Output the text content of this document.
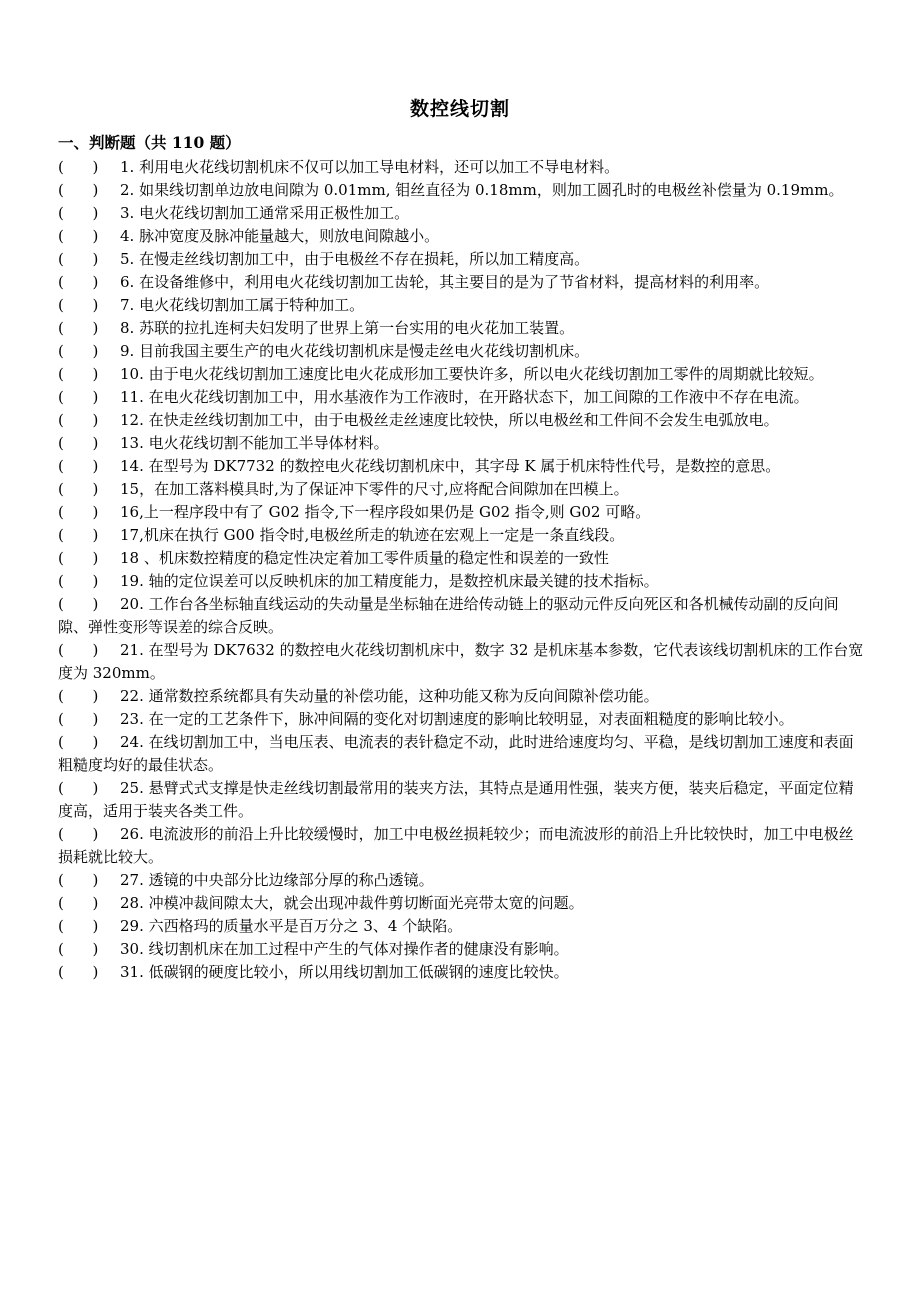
数控线切割
一、判断题（共 110 题）

(      ) 1. 利用电火花线切割机床不仅可以加工导电材料，还可以加工不导电材料。

(      ) 2. 如果线切割单边放电间隙为 0.01mm, 钼丝直径为 0.18mm，则加工圆孔时的电极丝补偿量为 0.19mm。

(      ) 3. 电火花线切割加工通常采用正极性加工。

(      ) 4. 脉冲宽度及脉冲能量越大，则放电间隙越小。

(      ) 5. 在慢走丝线切割加工中，由于电极丝不存在损耗，所以加工精度高。

(      ) 6. 在设备维修中，利用电火花线切割加工齿轮，其主要目的是为了节省材料，提高材料的利用率。

(      ) 7. 电火花线切割加工属于特种加工。

(      ) 8. 苏联的拉扎连柯夫妇发明了世界上第一台实用的电火花加工装置。

(      ) 9. 目前我国主要生产的电火花线切割机床是慢走丝电火花线切割机床。

(      ) 10. 由于电火花线切割加工速度比电火花成形加工要快许多，所以电火花线切割加工零件的周期就比较短。

(      ) 11. 在电火花线切割加工中，用水基液作为工作液时，在开路状态下，加工间隙的工作液中不存在电流。

(      ) 12. 在快走丝线切割加工中，由于电极丝走丝速度比较快，所以电极丝和工件间不会发生电弧放电。

(      ) 13. 电火花线切割不能加工半导体材料。

(      ) 14. 在型号为 DK7732 的数控电火花线切割机床中，其字母 K 属于机床特性代号，是数控的意思。

(      ) 15，在加工落料模具时,为了保证冲下零件的尺寸,应将配合间隙加在凹模上。

(      ) 16,上一程序段中有了 G02 指令,下一程序段如果仍是 G02 指令,则 G02 可略。

(      ) 17,机床在执行 G00 指令时,电极丝所走的轨迹在宏观上一定是一条直线段。

(      ) 18 、机床数控精度的稳定性决定着加工零件质量的稳定性和误差的一致性

(      ) 19. 轴的定位误差可以反映机床的加工精度能力，是数控机床最关键的技术指标。

(      ) 20. 工作台各坐标轴直线运动的失动量是坐标轴在进给传动链上的驱动元件反向死区和各机械传动副的反向间隙、弹性变形等误差的综合反映。

(      ) 21. 在型号为 DK7632 的数控电火花线切割机床中，数字 32 是机床基本参数，它代表该线切割机床的工作台宽度为 320mm。

(      ) 22. 通常数控系统都具有失动量的补偿功能，这种功能又称为反向间隙补偿功能。

(      ) 23. 在一定的工艺条件下，脉冲间隔的变化对切割速度的影响比较明显，对表面粗糙度的影响比较小。

(      ) 24. 在线切割加工中，当电压表、电流表的表针稳定不动，此时进给速度均匀、平稳，是线切割加工速度和表面粗糙度均好的最佳状态。

(      ) 25. 悬臂式式支撑是快走丝线切割最常用的装夹方法，其特点是通用性强，装夹方便，装夹后稳定，平面定位精度高，适用于装夹各类工件。

(      ) 26. 电流波形的前沿上升比较缓慢时，加工中电极丝损耗较少；而电流波形的前沿上升比较快时，加工中电极丝损耗就比较大。

(      ) 27. 透镜的中央部分比边缘部分厚的称凸透镜。

(      ) 28. 冲模冲裁间隙太大，就会出现冲裁件剪切断面光亮带太宽的问题。

(      ) 29. 六西格玛的质量水平是百万分之 3、4 个缺陷。

(      ) 30. 线切割机床在加工过程中产生的气体对操作者的健康没有影响。

(      ) 31. 低碳钢的硬度比较小，所以用线切割加工低碳钢的速度比较快。
